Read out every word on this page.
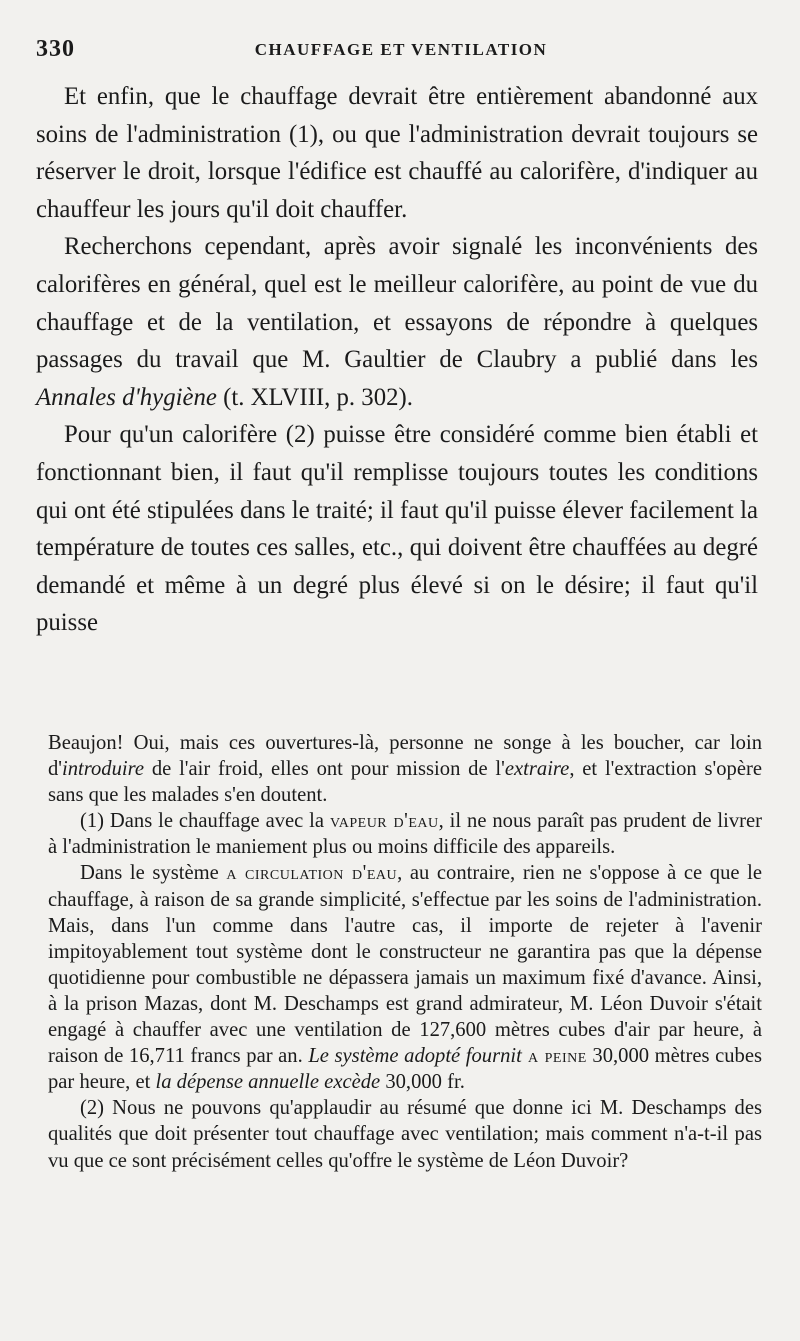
330	CHAUFFAGE ET VENTILATION

Et enfin, que le chauffage devrait être entièrement abandonné aux soins de l'administration (1), ou que l'administration devrait toujours se réserver le droit, lorsque l'édifice est chauffé au calorifère, d'indiquer au chauffeur les jours qu'il doit chauffer.

Recherchons cependant, après avoir signalé les inconvénients des calorifères en général, quel est le meilleur calorifère, au point de vue du chauffage et de la ventilation, et essayons de répondre à quelques passages du travail que M. Gaultier de Claubry a publié dans les Annales d'hygiène (t. XLVIII, p. 302).

Pour qu'un calorifère (2) puisse être considéré comme bien établi et fonctionnant bien, il faut qu'il remplisse toujours toutes les conditions qui ont été stipulées dans le traité; il faut qu'il puisse élever facilement la température de toutes ces salles, etc., qui doivent être chauffées au degré demandé et même à un degré plus élevé si on le désire; il faut qu'il puisse

Beaujon! Oui, mais ces ouvertures-là, personne ne songe à les boucher, car loin d'introduire de l'air froid, elles ont pour mission de l'extraire, et l'extraction s'opère sans que les malades s'en doutent.

(1) Dans le chauffage avec la vapeur d'eau, il ne nous paraît pas prudent de livrer à l'administration le maniement plus ou moins difficile des appareils.

Dans le système a circulation d'eau, au contraire, rien ne s'oppose à ce que le chauffage, à raison de sa grande simplicité, s'effectue par les soins de l'administration. Mais, dans l'un comme dans l'autre cas, il importe de rejeter à l'avenir impitoyablement tout système dont le constructeur ne garantira pas que la dépense quotidienne pour combustible ne dépassera jamais un maximum fixé d'avance. Ainsi, à la prison Mazas, dont M. Deschamps est grand admirateur, M. Léon Duvoir s'était engagé à chauffer avec une ventilation de 127,600 mètres cubes d'air par heure, à raison de 16,711 francs par an. Le système adopté fournit a peine 30,000 mètres cubes par heure, et la dépense annuelle excède 30,000 fr.

(2) Nous ne pouvons qu'applaudir au résumé que donne ici M. Deschamps des qualités que doit présenter tout chauffage avec ventilation; mais comment n'a-t-il pas vu que ce sont précisément celles qu'offre le système de Léon Duvoir?
